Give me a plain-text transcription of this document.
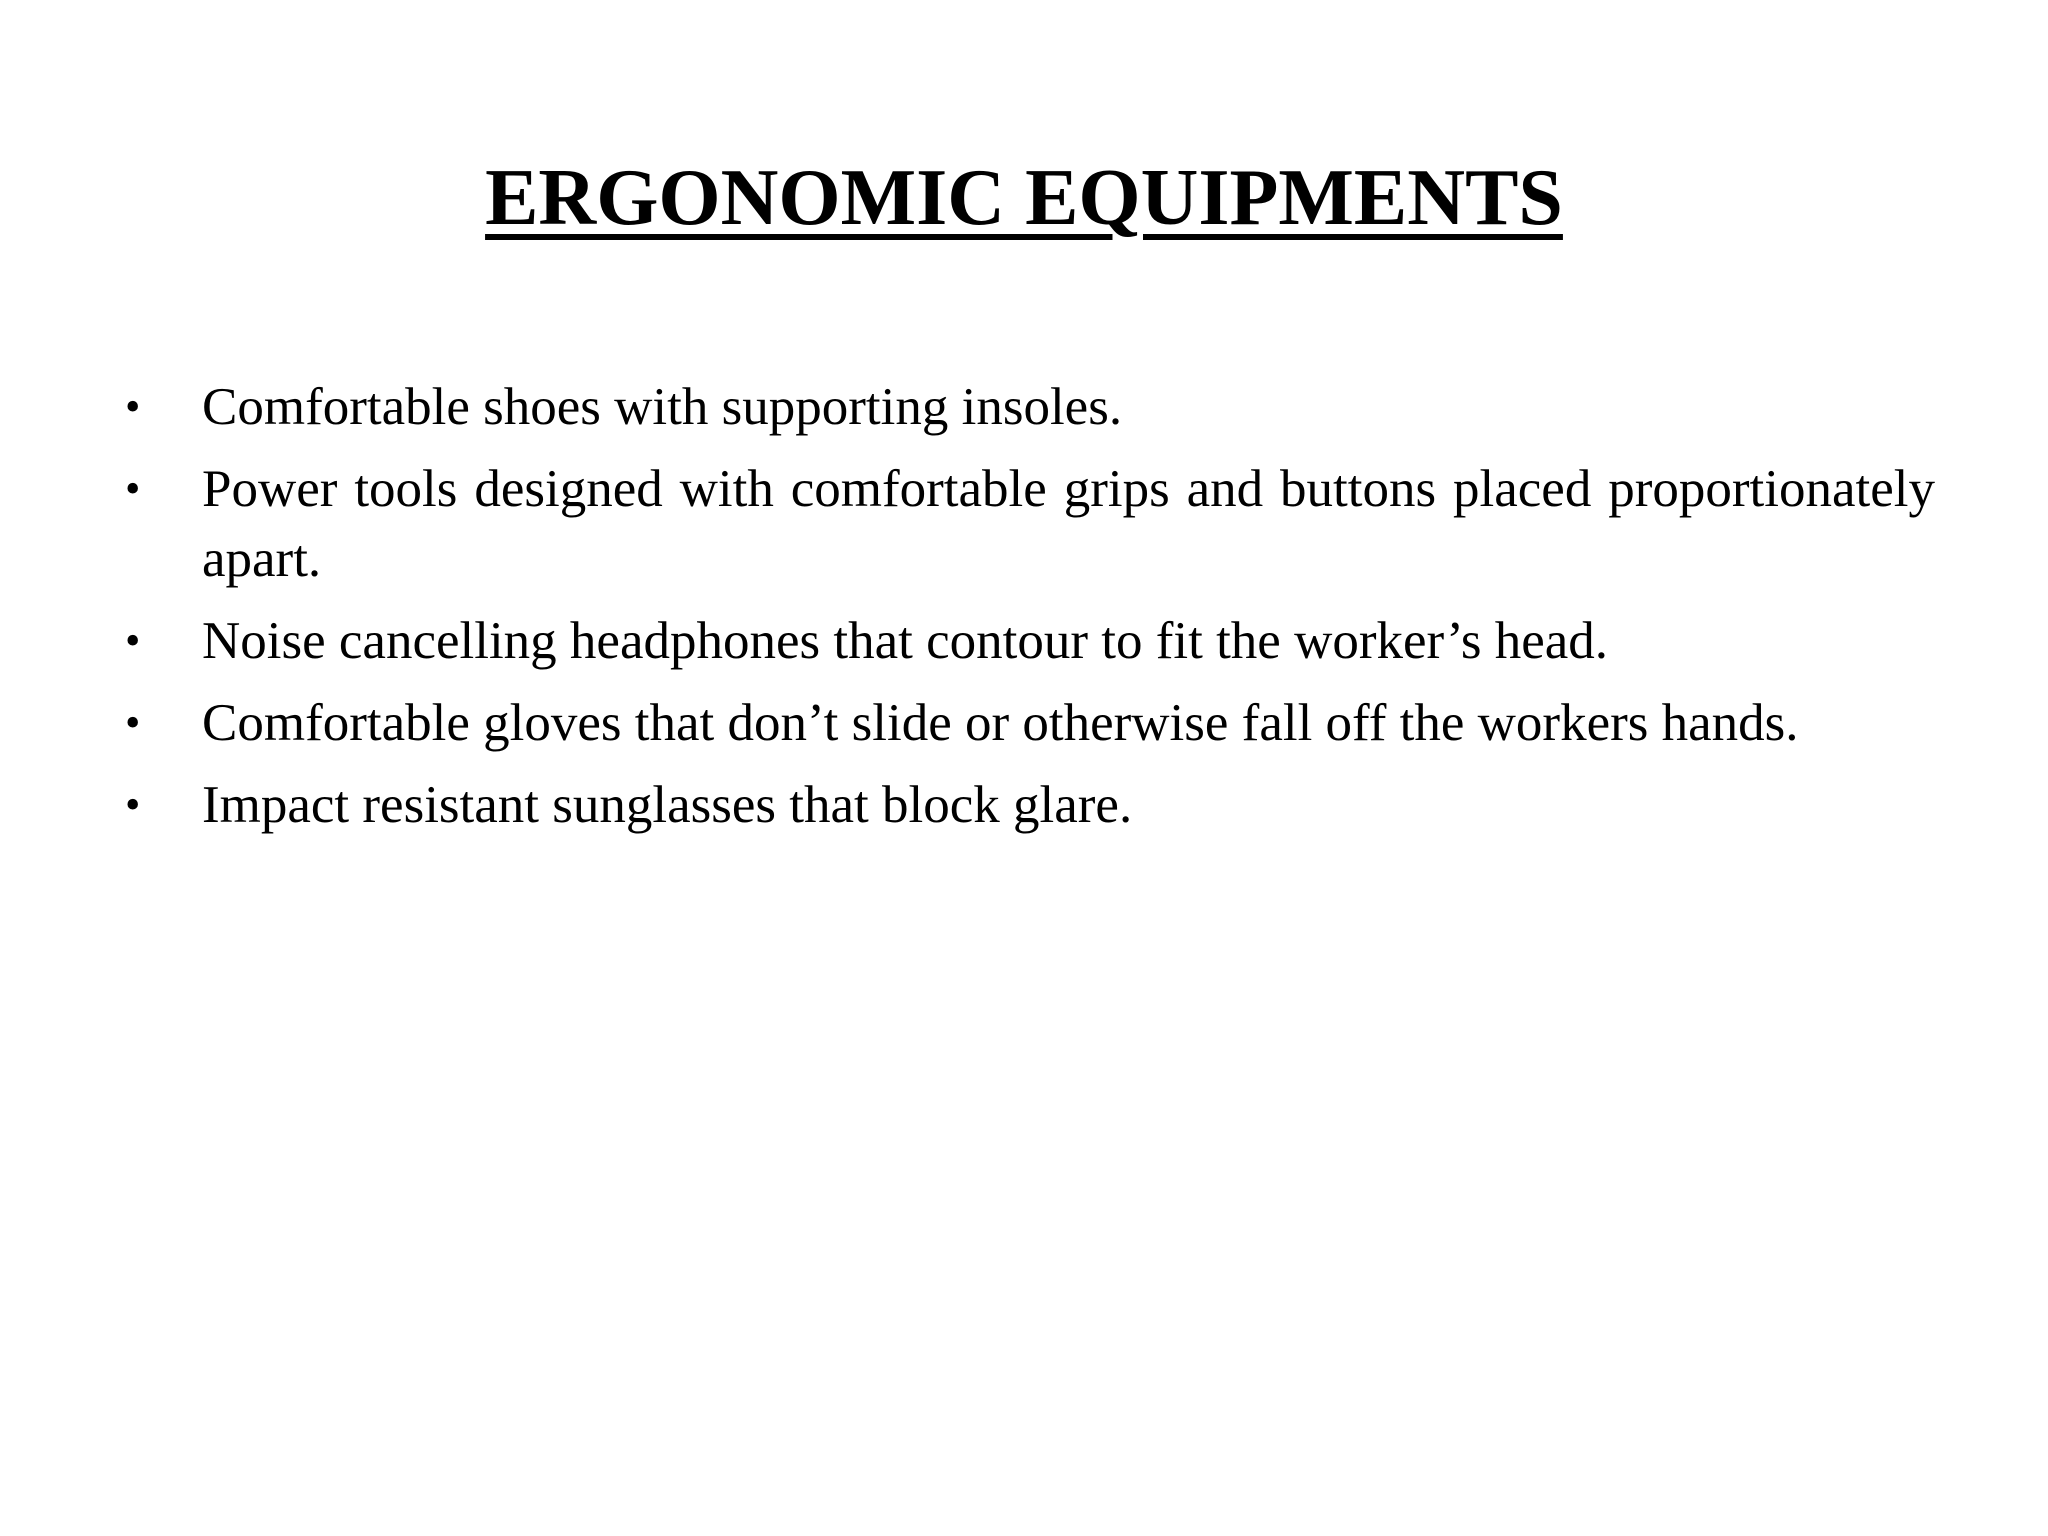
ERGONOMIC EQUIPMENTS
•	Comfortable shoes with supporting insoles.
•	Power tools designed with comfortable grips and buttons placed proportionately apart.
•	Noise cancelling headphones that contour to fit the worker’s head.
•	Comfortable gloves that don’t slide or otherwise fall off the workers hands.
•	Impact resistant sunglasses that block glare.
